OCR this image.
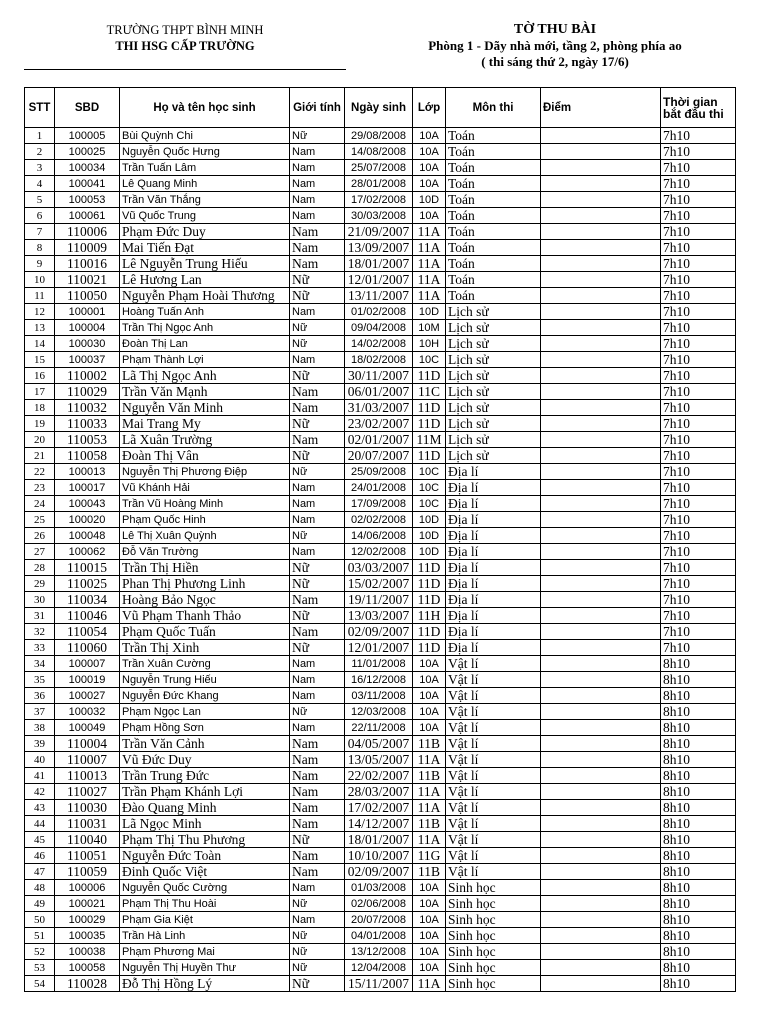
TRƯỜNG THPT BÌNH MINH
THI HSG CẤP TRƯỜNG
TỜ THU BÀI
Phòng 1 - Dãy nhà mới, tầng 2, phòng phía ao
( thi sáng thứ 2, ngày 17/6)
STT	SBD	Họ và tên học sinh	Giới tính	Ngày sinh	Lớp	Môn thi	Điểm	Thời gian bắt đầu thi
1	100005	Bùi Quỳnh Chi	Nữ	29/08/2008	10A	Toán		7h10
2	100025	Nguyễn Quốc Hưng	Nam	14/08/2008	10A	Toán		7h10
3	100034	Trần Tuấn Lâm	Nam	25/07/2008	10A	Toán		7h10
4	100041	Lê Quang Minh	Nam	28/01/2008	10A	Toán		7h10
5	100053	Trần Văn Thắng	Nam	17/02/2008	10D	Toán		7h10
6	100061	Vũ Quốc Trung	Nam	30/03/2008	10A	Toán		7h10
7	110006	Phạm Đức Duy	Nam	21/09/2007	11A	Toán		7h10
8	110009	Mai Tiến Đạt	Nam	13/09/2007	11A	Toán		7h10
9	110016	Lê Nguyễn Trung Hiếu	Nam	18/01/2007	11A	Toán		7h10
10	110021	Lê Hương Lan	Nữ	12/01/2007	11A	Toán		7h10
11	110050	Nguyễn Phạm Hoài Thương	Nữ	13/11/2007	11A	Toán		7h10
12	100001	Hoàng Tuấn Anh	Nam	01/02/2008	10D	Lịch sử		7h10
13	100004	Trần Thị Ngọc Anh	Nữ	09/04/2008	10M	Lịch sử		7h10
14	100030	Đoàn Thị Lan	Nữ	14/02/2008	10H	Lịch sử		7h10
15	100037	Phạm Thành Lợi	Nam	18/02/2008	10C	Lịch sử		7h10
16	110002	Lã Thị Ngọc Anh	Nữ	30/11/2007	11D	Lịch sử		7h10
17	110029	Trần Văn Mạnh	Nam	06/01/2007	11C	Lịch sử		7h10
18	110032	Nguyễn Văn Minh	Nam	31/03/2007	11D	Lịch sử		7h10
19	110033	Mai Trang My	Nữ	23/02/2007	11D	Lịch sử		7h10
20	110053	Lã Xuân Trường	Nam	02/01/2007	11M	Lịch sử		7h10
21	110058	Đoàn Thị Vân	Nữ	20/07/2007	11D	Lịch sử		7h10
22	100013	Nguyễn Thị Phương Điệp	Nữ	25/09/2008	10C	Địa lí		7h10
23	100017	Vũ Khánh Hải	Nam	24/01/2008	10C	Địa lí		7h10
24	100043	Trần Vũ Hoàng Minh	Nam	17/09/2008	10C	Địa lí		7h10
25	100020	Phạm Quốc Hinh	Nam	02/02/2008	10D	Địa lí		7h10
26	100048	Lê Thị Xuân Quỳnh	Nữ	14/06/2008	10D	Địa lí		7h10
27	100062	Đỗ Văn Trường	Nam	12/02/2008	10D	Địa lí		7h10
28	110015	Trần Thị Hiền	Nữ	03/03/2007	11D	Địa lí		7h10
29	110025	Phan Thị Phương Linh	Nữ	15/02/2007	11D	Địa lí		7h10
30	110034	Hoàng Bảo Ngọc	Nam	19/11/2007	11D	Địa lí		7h10
31	110046	Vũ Phạm Thanh Thảo	Nữ	13/03/2007	11H	Địa lí		7h10
32	110054	Phạm Quốc Tuấn	Nam	02/09/2007	11D	Địa lí		7h10
33	110060	Trần Thị Xinh	Nữ	12/01/2007	11D	Địa lí		7h10
34	100007	Trần Xuân Cường	Nam	11/01/2008	10A	Vật lí		8h10
35	100019	Nguyễn Trung Hiếu	Nam	16/12/2008	10A	Vật lí		8h10
36	100027	Nguyễn Đức Khang	Nam	03/11/2008	10A	Vật lí		8h10
37	100032	Phạm Ngọc Lan	Nữ	12/03/2008	10A	Vật lí		8h10
38	100049	Phạm Hồng Sơn	Nam	22/11/2008	10A	Vật lí		8h10
39	110004	Trần Văn Cảnh	Nam	04/05/2007	11B	Vật lí		8h10
40	110007	Vũ Đức Duy	Nam	13/05/2007	11A	Vật lí		8h10
41	110013	Trần Trung Đức	Nam	22/02/2007	11B	Vật lí		8h10
42	110027	Trần Phạm Khánh Lợi	Nam	28/03/2007	11A	Vật lí		8h10
43	110030	Đào Quang Minh	Nam	17/02/2007	11A	Vật lí		8h10
44	110031	Lã Ngọc Minh	Nam	14/12/2007	11B	Vật lí		8h10
45	110040	Phạm Thị Thu Phương	Nữ	18/01/2007	11A	Vật lí		8h10
46	110051	Nguyễn Đức Toàn	Nam	10/10/2007	11G	Vật lí		8h10
47	110059	Đinh Quốc Việt	Nam	02/09/2007	11B	Vật lí		8h10
48	100006	Nguyễn Quốc Cường	Nam	01/03/2008	10A	Sinh học		8h10
49	100021	Phạm Thị Thu Hoài	Nữ	02/06/2008	10A	Sinh học		8h10
50	100029	Phạm Gia Kiệt	Nam	20/07/2008	10A	Sinh học		8h10
51	100035	Trần Hà Linh	Nữ	04/01/2008	10A	Sinh học		8h10
52	100038	Phạm Phương Mai	Nữ	13/12/2008	10A	Sinh học		8h10
53	100058	Nguyễn Thị Huyền Thư	Nữ	12/04/2008	10A	Sinh học		8h10
54	110028	Đỗ Thị Hồng Lý	Nữ	15/11/2007	11A	Sinh học		8h10
